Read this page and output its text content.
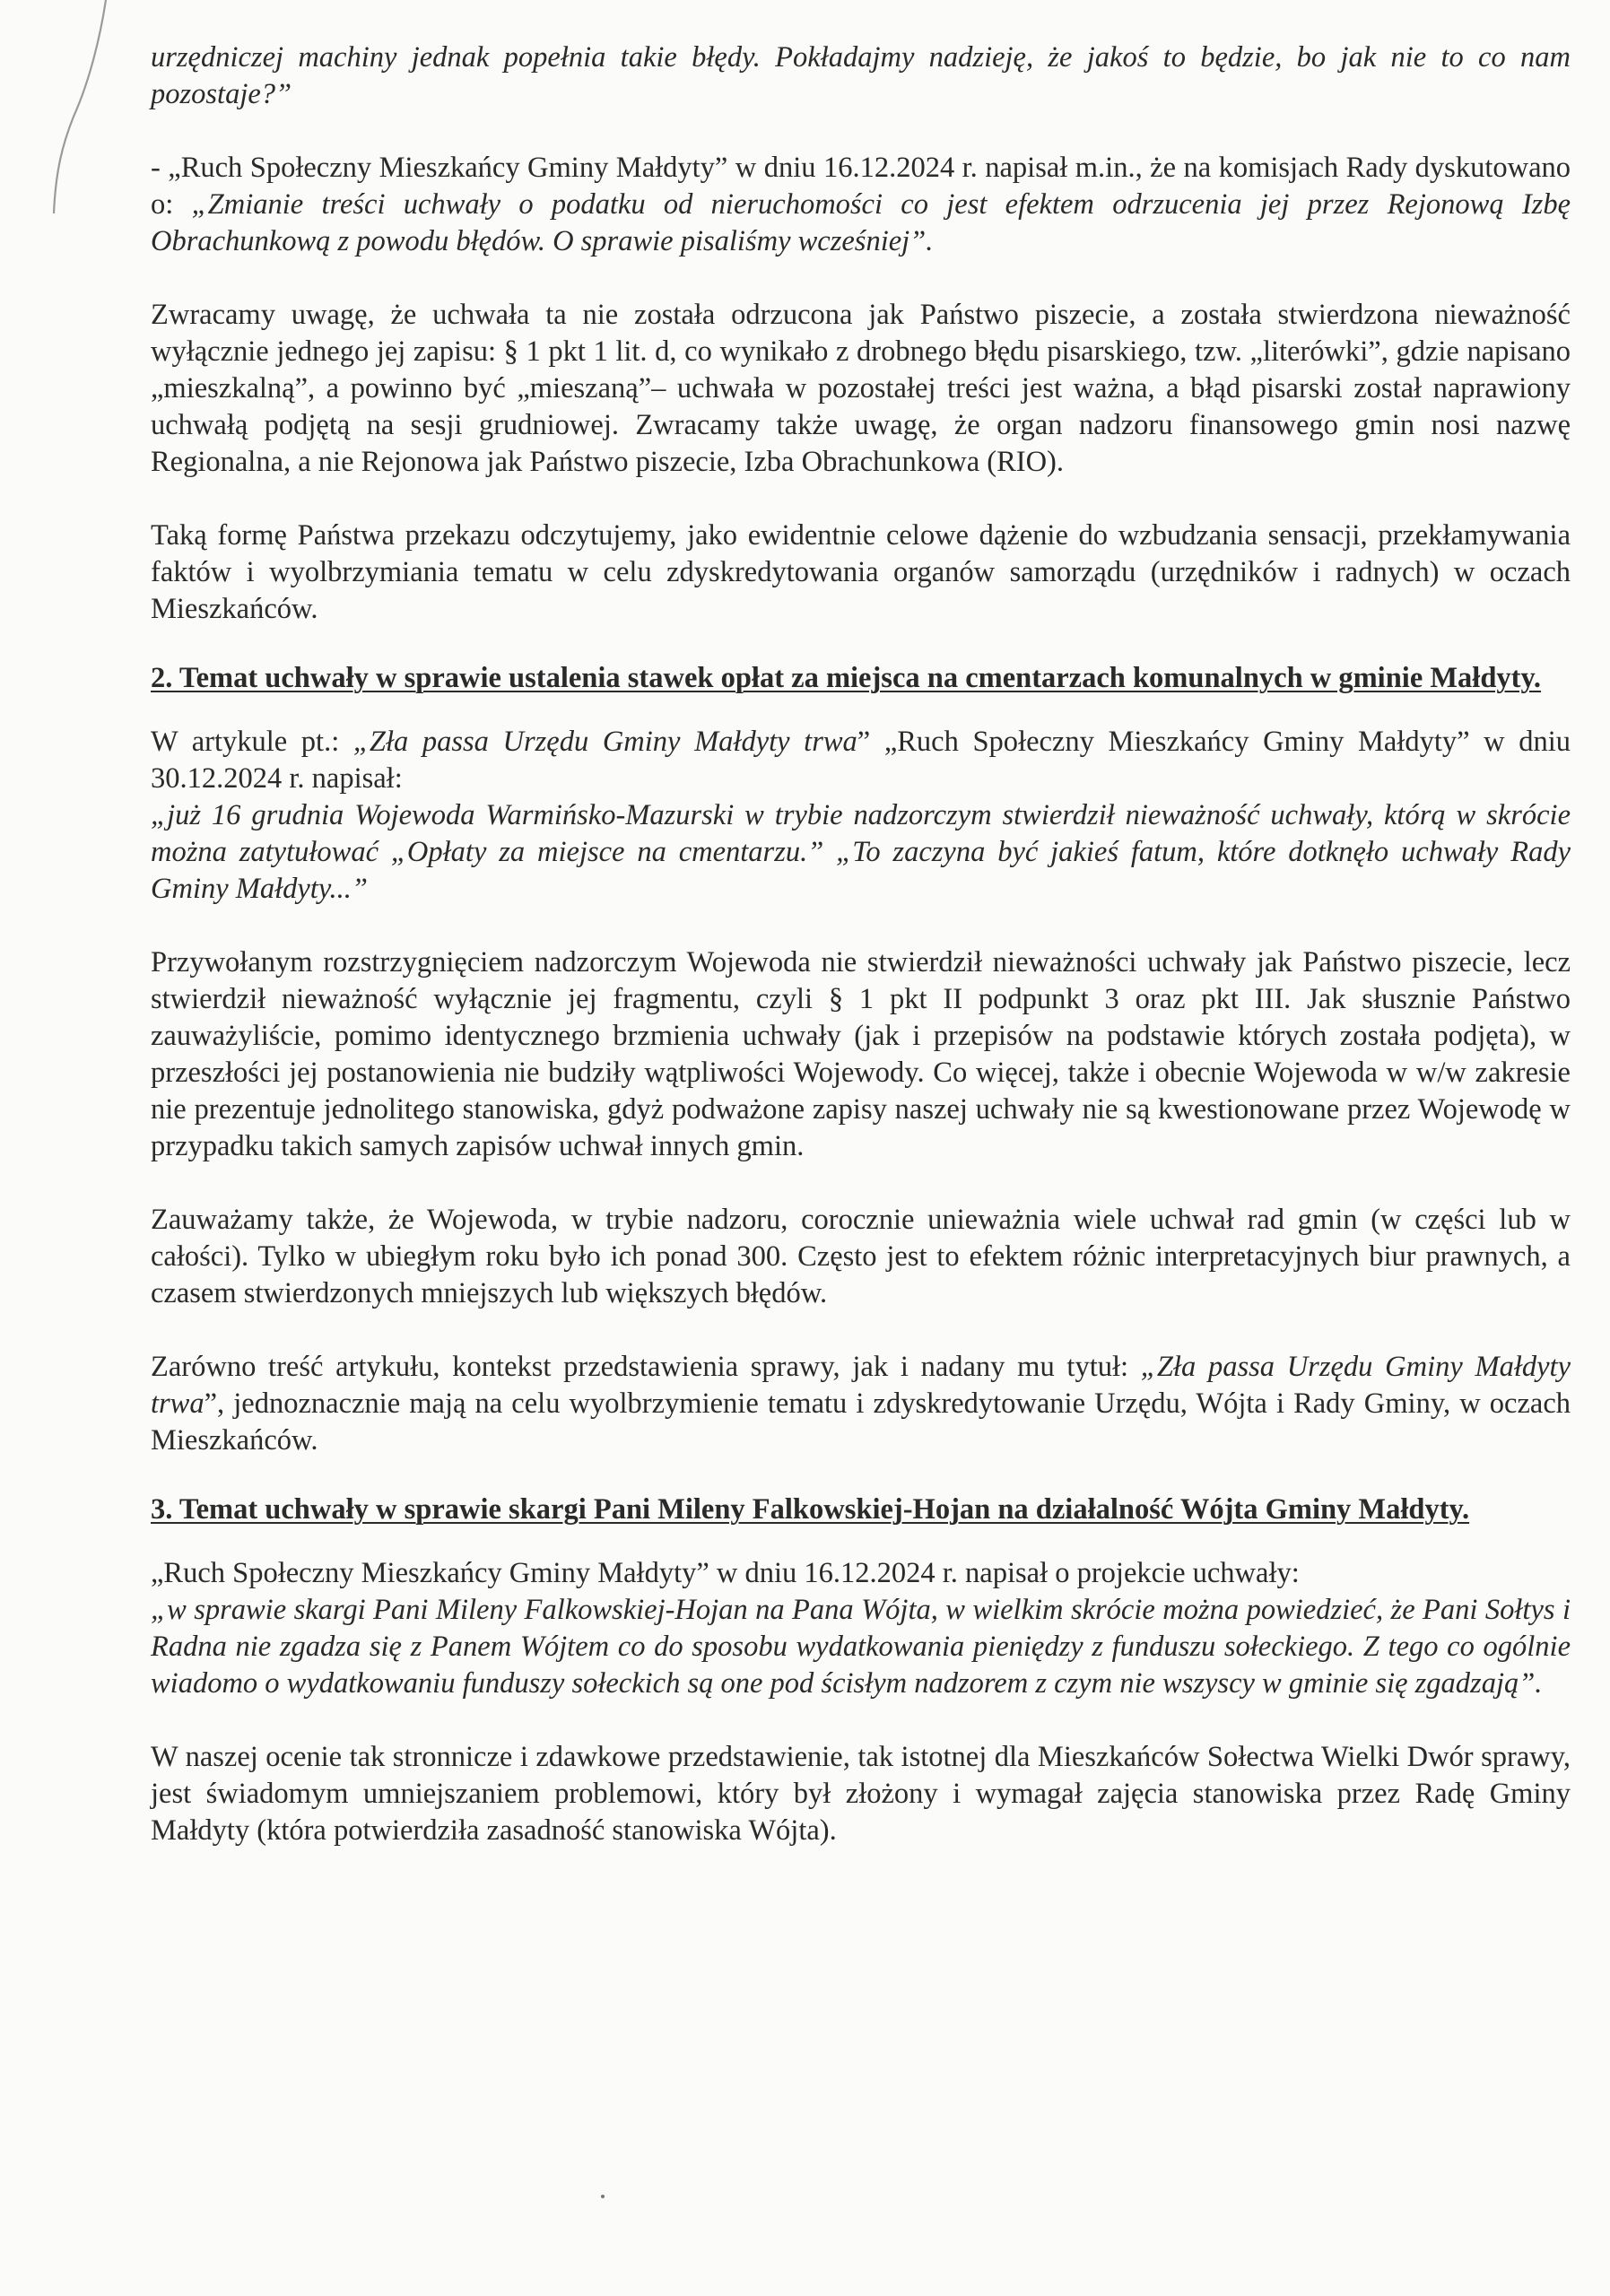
urzędniczej machiny jednak popełnia takie błędy. Pokładajmy nadzieję, że jakoś to będzie, bo jak nie to co nam pozostaje?”

- „Ruch Społeczny Mieszkańcy Gminy Małdyty” w dniu 16.12.2024 r. napisał m.in., że na komisjach Rady dyskutowano o: „Zmianie treści uchwały o podatku od nieruchomości co jest efektem odrzucenia jej przez Rejonową Izbę Obrachunkową z powodu błędów. O sprawie pisaliśmy wcześniej”.

Zwracamy uwagę, że uchwała ta nie została odrzucona jak Państwo piszecie, a została stwierdzona nieważność wyłącznie jednego jej zapisu: § 1 pkt 1 lit. d, co wynikało z drobnego błędu pisarskiego, tzw. „literówki”, gdzie napisano „mieszkalną”, a powinno być „mieszaną”– uchwała w pozostałej treści jest ważna, a błąd pisarski został naprawiony uchwałą podjętą na sesji grudniowej. Zwracamy także uwagę, że organ nadzoru finansowego gmin nosi nazwę Regionalna, a nie Rejonowa jak Państwo piszecie, Izba Obrachunkowa (RIO).

Taką formę Państwa przekazu odczytujemy, jako ewidentnie celowe dążenie do wzbudzania sensacji, przekłamywania faktów i wyolbrzymiania tematu w celu zdyskredytowania organów samorządu (urzędników i radnych) w oczach Mieszkańców.

2. Temat uchwały w sprawie ustalenia stawek opłat za miejsca na cmentarzach komunalnych w gminie Małdyty.

W artykule pt.: „Zła passa Urzędu Gminy Małdyty trwa” „Ruch Społeczny Mieszkańcy Gminy Małdyty” w dniu 30.12.2024 r. napisał:
„już 16 grudnia Wojewoda Warmińsko-Mazurski w trybie nadzorczym stwierdził nieważność uchwały, którą w skrócie można zatytułować „Opłaty za miejsce na cmentarzu.” „To zaczyna być jakieś fatum, które dotknęło uchwały Rady Gminy Małdyty...”

Przywołanym rozstrzygnięciem nadzorczym Wojewoda nie stwierdził nieważności uchwały jak Państwo piszecie, lecz stwierdził nieważność wyłącznie jej fragmentu, czyli § 1 pkt II podpunkt 3 oraz pkt III. Jak słusznie Państwo zauważyliście, pomimo identycznego brzmienia uchwały (jak i przepisów na podstawie których została podjęta), w przeszłości jej postanowienia nie budziły wątpliwości Wojewody. Co więcej, także i obecnie Wojewoda w w/w zakresie nie prezentuje jednolitego stanowiska, gdyż podważone zapisy naszej uchwały nie są kwestionowane przez Wojewodę w przypadku takich samych zapisów uchwał innych gmin.

Zauważamy także, że Wojewoda, w trybie nadzoru, corocznie unieważnia wiele uchwał rad gmin (w części lub w całości). Tylko w ubiegłym roku było ich ponad 300. Często jest to efektem różnic interpretacyjnych biur prawnych, a czasem stwierdzonych mniejszych lub większych błędów.

Zarówno treść artykułu, kontekst przedstawienia sprawy, jak i nadany mu tytuł: „Zła passa Urzędu Gminy Małdyty trwa”, jednoznacznie mają na celu wyolbrzymienie tematu i zdyskredytowanie Urzędu, Wójta i Rady Gminy, w oczach Mieszkańców.

3. Temat uchwały w sprawie skargi Pani Mileny Falkowskiej-Hojan na działalność Wójta Gminy Małdyty.

„Ruch Społeczny Mieszkańcy Gminy Małdyty” w dniu 16.12.2024 r. napisał o projekcie uchwały:
„w sprawie skargi Pani Mileny Falkowskiej-Hojan na Pana Wójta, w wielkim skrócie można powiedzieć, że Pani Sołtys i Radna nie zgadza się z Panem Wójtem co do sposobu wydatkowania pieniędzy z funduszu sołeckiego. Z tego co ogólnie wiadomo o wydatkowaniu funduszy sołeckich są one pod ścisłym nadzorem z czym nie wszyscy w gminie się zgadzają”.

W naszej ocenie tak stronnicze i zdawkowe przedstawienie, tak istotnej dla Mieszkańców Sołectwa Wielki Dwór sprawy, jest świadomym umniejszaniem problemowi, który był złożony i wymagał zajęcia stanowiska przez Radę Gminy Małdyty (która potwierdziła zasadność stanowiska Wójta).
